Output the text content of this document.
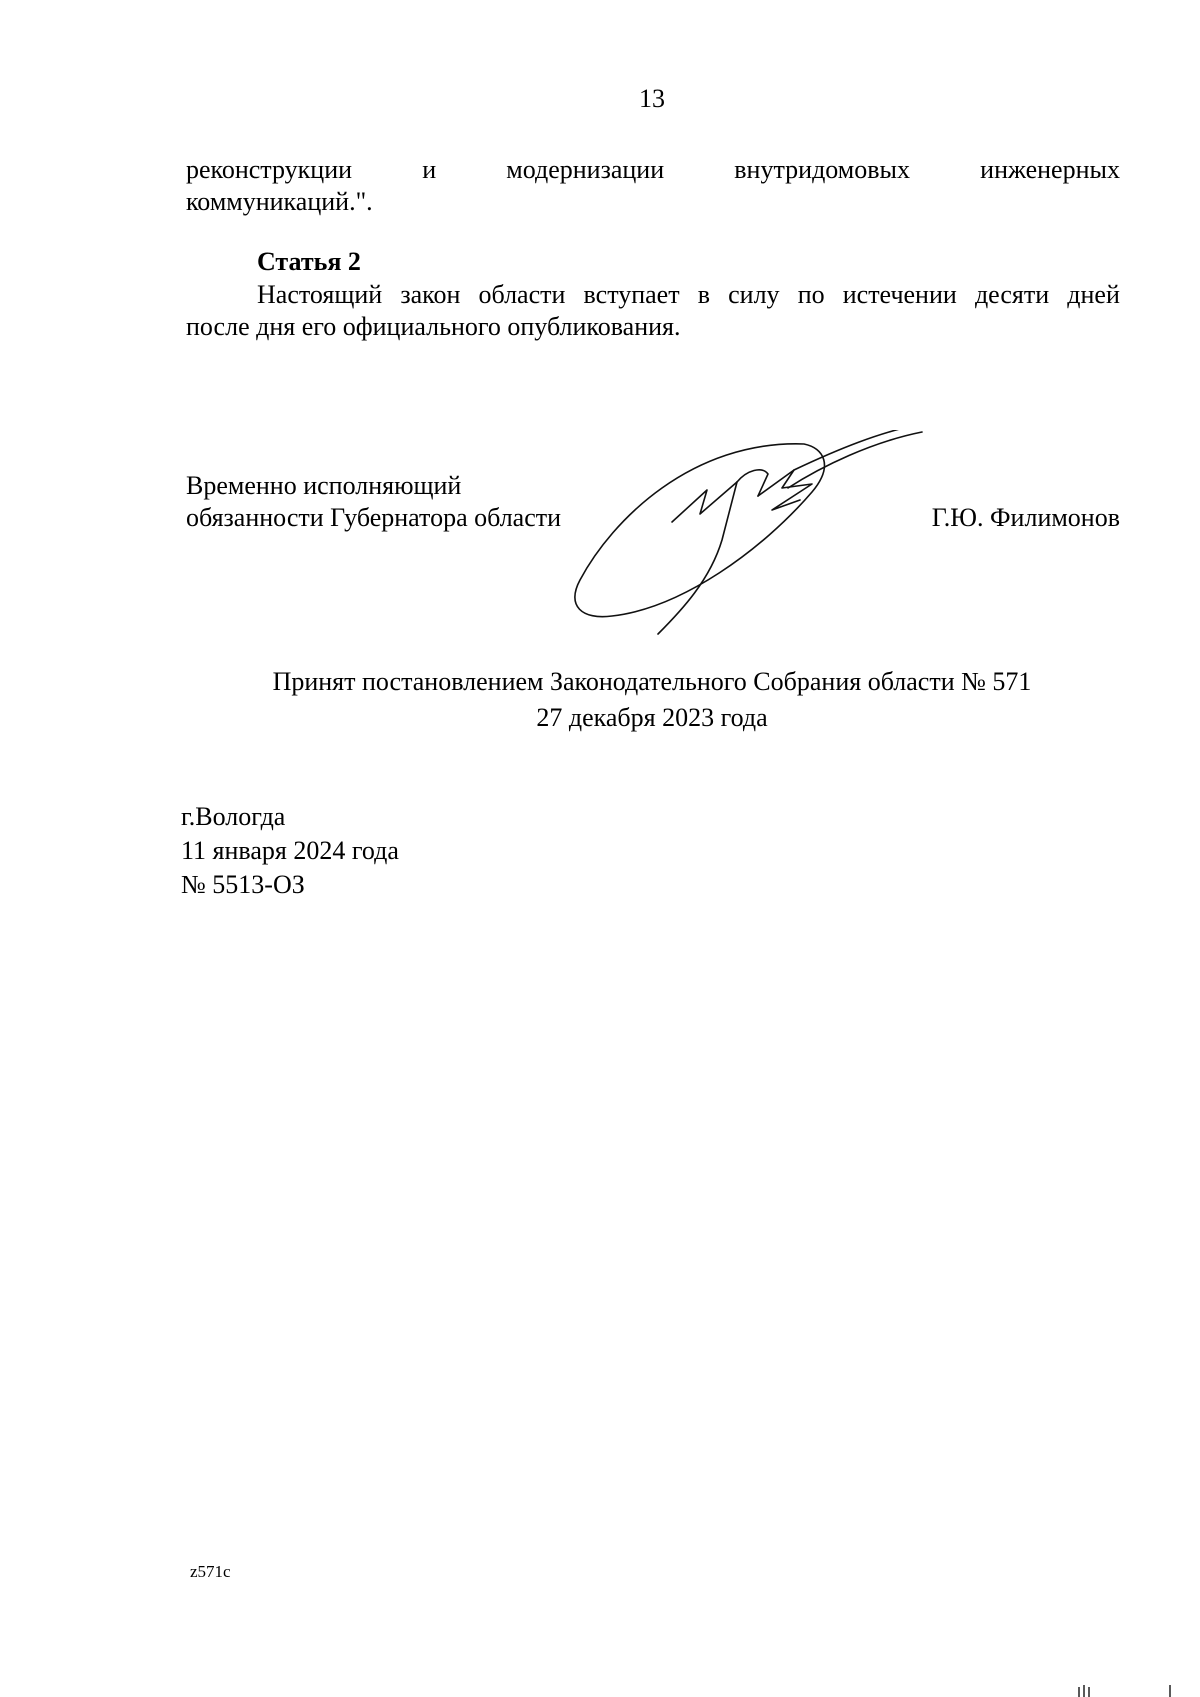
13
реконструкции	и	модернизации	внутридомовых	инженерных
коммуникаций.".
Статья 2
Настоящий закон области вступает в силу по истечении десяти дней
после дня его официального опубликования.
Временно исполняющий
обязанности Губернатора области	Г.Ю. Филимонов
Принят постановлением Законодательного Собрания области № 571
27 декабря 2023 года
г.Вологда
11 января 2024 года
№ 5513-ОЗ
z571c
